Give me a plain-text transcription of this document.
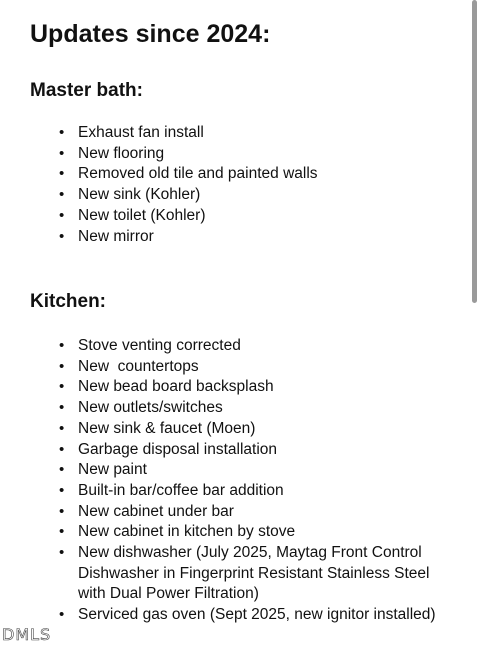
Updates since 2024:
Master bath:
• Exhaust fan install
• New flooring
• Removed old tile and painted walls
• New sink (Kohler)
• New toilet (Kohler)
• New mirror
Kitchen:
• Stove venting corrected
• New  countertops
• New bead board backsplash
• New outlets/switches
• New sink & faucet (Moen)
• Garbage disposal installation
• New paint
• Built-in bar/coffee bar addition
• New cabinet under bar
• New cabinet in kitchen by stove
• New dishwasher (July 2025, Maytag Front Control Dishwasher in Fingerprint Resistant Stainless Steel with Dual Power Filtration)
• Serviced gas oven (Sept 2025, new ignitor installed)
DMLS
